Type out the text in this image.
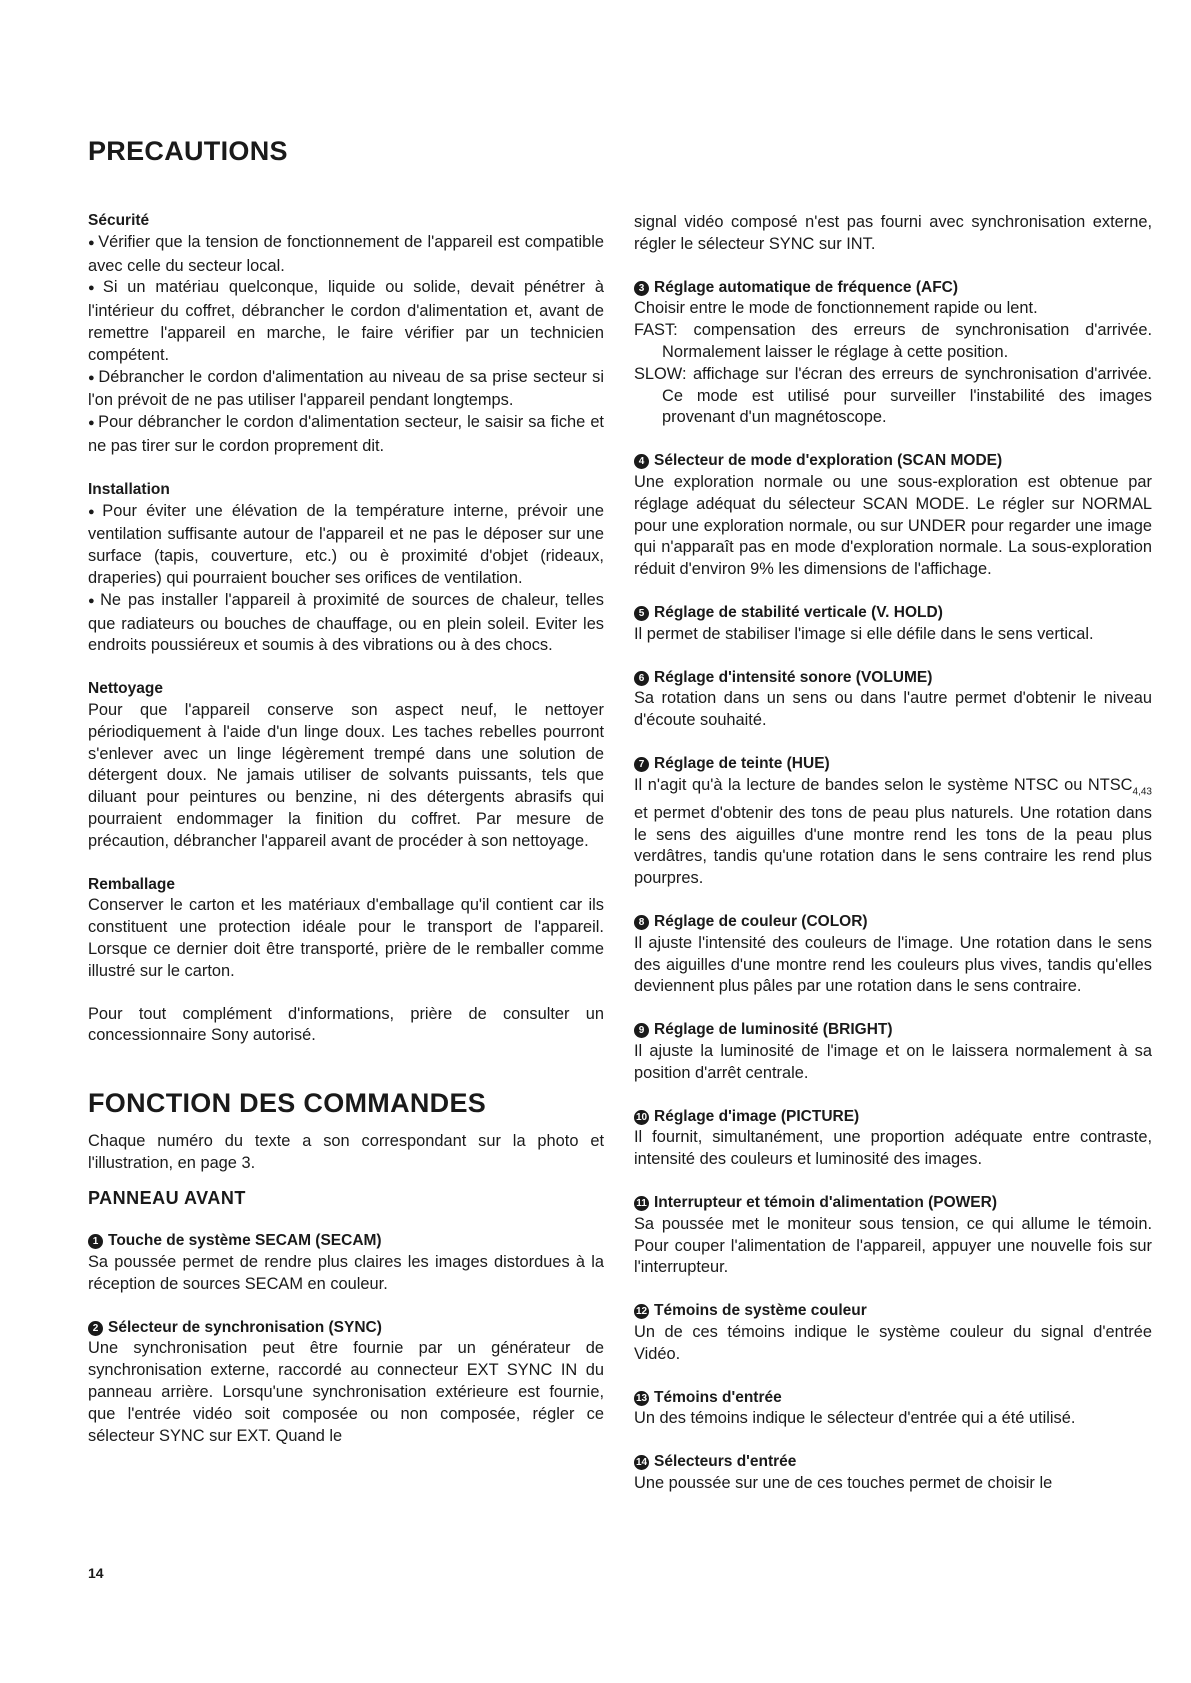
PRECAUTIONS

Sécurité

● Vérifier que la tension de fonctionnement de l'appareil est compatible avec celle du secteur local.

● Si un matériau quelconque, liquide ou solide, devait pénétrer à l'intérieur du coffret, débrancher le cordon d'alimentation et, avant de remettre l'appareil en marche, le faire vérifier par un technicien compétent.

● Débrancher le cordon d'alimentation au niveau de sa prise secteur si l'on prévoit de ne pas utiliser l'appareil pendant longtemps.

● Pour débrancher le cordon d'alimentation secteur, le saisir sa fiche et ne pas tirer sur le cordon proprement dit.

Installation

● Pour éviter une élévation de la température interne, prévoir une ventilation suffisante autour de l'appareil et ne pas le déposer sur une surface (tapis, couverture, etc.) ou è proximité d'objet (rideaux, draperies) qui pourraient boucher ses orifices de ventilation.

● Ne pas installer l'appareil à proximité de sources de chaleur, telles que radiateurs ou bouches de chauffage, ou en plein soleil. Eviter les endroits poussiéreux et soumis à des vibrations ou à des chocs.

Nettoyage

Pour que l'appareil conserve son aspect neuf, le nettoyer périodiquement à l'aide d'un linge doux. Les taches rebelles pourront s'enlever avec un linge légèrement trempé dans une solution de détergent doux. Ne jamais utiliser de solvants puissants, tels que diluant pour peintures ou benzine, ni des détergents abrasifs qui pourraient endommager la finition du coffret. Par mesure de précaution, débrancher l'appareil avant de procéder à son nettoyage.

Remballage

Conserver le carton et les matériaux d'emballage qu'il contient car ils constituent une protection idéale pour le transport de l'appareil. Lorsque ce dernier doit être transporté, prière de le remballer comme illustré sur le carton.

Pour tout complément d'informations, prière de consulter un concessionnaire Sony autorisé.

FONCTION DES COMMANDES

Chaque numéro du texte a son correspondant sur la photo et l'illustration, en page 3.

PANNEAU AVANT

1 Touche de système SECAM (SECAM)

Sa poussée permet de rendre plus claires les images distordues à la réception de sources SECAM en couleur.

2 Sélecteur de synchronisation (SYNC)

Une synchronisation peut être fournie par un générateur de synchronisation externe, raccordé au connecteur EXT SYNC IN du panneau arrière. Lorsqu'une synchronisation extérieure est fournie, que l'entrée vidéo soit composée ou non composée, régler ce sélecteur SYNC sur EXT. Quand le

14

signal vidéo composé n'est pas fourni avec synchronisation externe, régler le sélecteur SYNC sur INT.

3 Réglage automatique de fréquence (AFC)

Choisir entre le mode de fonctionnement rapide ou lent.

FAST: compensation des erreurs de synchronisation d'arrivée. Normalement laisser le réglage à cette position.

SLOW: affichage sur l'écran des erreurs de synchronisation d'arrivée. Ce mode est utilisé pour surveiller l'instabilité des images provenant d'un magnétoscope.

4 Sélecteur de mode d'exploration (SCAN MODE)

Une exploration normale ou une sous-exploration est obtenue par réglage adéquat du sélecteur SCAN MODE. Le régler sur NORMAL pour une exploration normale, ou sur UNDER pour regarder une image qui n'apparaît pas en mode d'exploration normale. La sous-exploration réduit d'environ 9% les dimensions de l'affichage.

5 Réglage de stabilité verticale (V. HOLD)

Il permet de stabiliser l'image si elle défile dans le sens vertical.

6 Réglage d'intensité sonore (VOLUME)

Sa rotation dans un sens ou dans l'autre permet d'obtenir le niveau d'écoute souhaité.

7 Réglage de teinte (HUE)

Il n'agit qu'à la lecture de bandes selon le système NTSC ou $NTSC_{4,43}$ et permet d'obtenir des tons de peau plus naturels. Une rotation dans le sens des aiguilles d'une montre rend les tons de la peau plus verdâtres, tandis qu'une rotation dans le sens contraire les rend plus pourpres.

8 Réglage de couleur (COLOR)

Il ajuste l'intensité des couleurs de l'image. Une rotation dans le sens des aiguilles d'une montre rend les couleurs plus vives, tandis qu'elles deviennent plus pâles par une rotation dans le sens contraire.

9 Réglage de luminosité (BRIGHT)

Il ajuste la luminosité de l'image et on le laissera normalement à sa position d'arrêt centrale.

10 Réglage d'image (PICTURE)

Il fournit, simultanément, une proportion adéquate entre contraste, intensité des couleurs et luminosité des images.

11 Interrupteur et témoin d'alimentation (POWER)

Sa poussée met le moniteur sous tension, ce qui allume le témoin. Pour couper l'alimentation de l'appareil, appuyer une nouvelle fois sur l'interrupteur.

12 Témoins de système couleur

Un de ces témoins indique le système couleur du signal d'entrée Vidéo.

13 Témoins d'entrée

Un des témoins indique le sélecteur d'entrée qui a été utilisé.

14 Sélecteurs d'entrée

Une poussée sur une de ces touches permet de choisir le
